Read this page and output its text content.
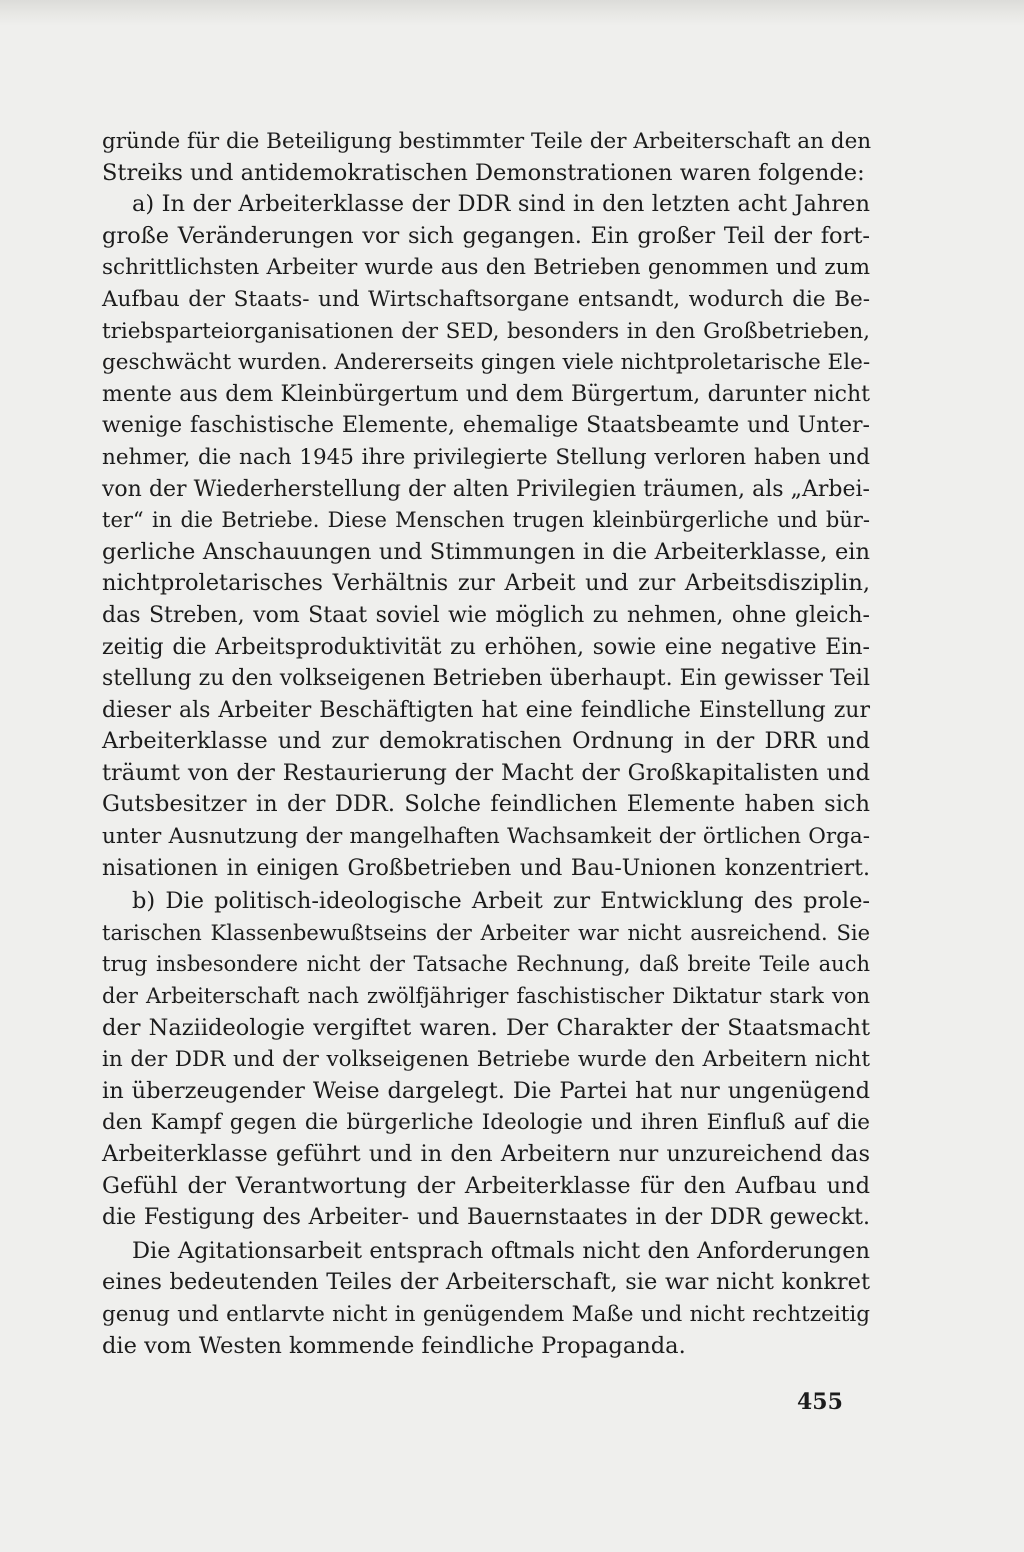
gründe für die Beteiligung bestimmter Teile der Arbeiterschaft an den
Streiks und antidemokratischen Demonstrationen waren folgende:
a) In der Arbeiterklasse der DDR sind in den letzten acht Jahren
große Veränderungen vor sich gegangen. Ein großer Teil der fort-
schrittlichsten Arbeiter wurde aus den Betrieben genommen und zum
Aufbau der Staats- und Wirtschaftsorgane entsandt, wodurch die Be-
triebsparteiorganisationen der SED, besonders in den Großbetrieben,
geschwächt wurden. Andererseits gingen viele nichtproletarische Ele-
mente aus dem Kleinbürgertum und dem Bürgertum, darunter nicht
wenige faschistische Elemente, ehemalige Staatsbeamte und Unter-
nehmer, die nach 1945 ihre privilegierte Stellung verloren haben und
von der Wiederherstellung der alten Privilegien träumen, als „Arbei-
ter“ in die Betriebe. Diese Menschen trugen kleinbürgerliche und bür-
gerliche Anschauungen und Stimmungen in die Arbeiterklasse, ein
nichtproletarisches Verhältnis zur Arbeit und zur Arbeitsdisziplin,
das Streben, vom Staat soviel wie möglich zu nehmen, ohne gleich-
zeitig die Arbeitsproduktivität zu erhöhen, sowie eine negative Ein-
stellung zu den volkseigenen Betrieben überhaupt. Ein gewisser Teil
dieser als Arbeiter Beschäftigten hat eine feindliche Einstellung zur
Arbeiterklasse und zur demokratischen Ordnung in der DRR und
träumt von der Restaurierung der Macht der Großkapitalisten und
Gutsbesitzer in der DDR. Solche feindlichen Elemente haben sich
unter Ausnutzung der mangelhaften Wachsamkeit der örtlichen Orga-
nisationen in einigen Großbetrieben und Bau-Unionen konzentriert.
b) Die politisch-ideologische Arbeit zur Entwicklung des prole-
tarischen Klassenbewußtseins der Arbeiter war nicht ausreichend. Sie
trug insbesondere nicht der Tatsache Rechnung, daß breite Teile auch
der Arbeiterschaft nach zwölfjähriger faschistischer Diktatur stark von
der Naziideologie vergiftet waren. Der Charakter der Staatsmacht
in der DDR und der volkseigenen Betriebe wurde den Arbeitern nicht
in überzeugender Weise dargelegt. Die Partei hat nur ungenügend
den Kampf gegen die bürgerliche Ideologie und ihren Einfluß auf die
Arbeiterklasse geführt und in den Arbeitern nur unzureichend das
Gefühl der Verantwortung der Arbeiterklasse für den Aufbau und
die Festigung des Arbeiter- und Bauernstaates in der DDR geweckt.
Die Agitationsarbeit entsprach oftmals nicht den Anforderungen
eines bedeutenden Teiles der Arbeiterschaft, sie war nicht konkret
genug und entlarvte nicht in genügendem Maße und nicht rechtzeitig
die vom Westen kommende feindliche Propaganda.
455
